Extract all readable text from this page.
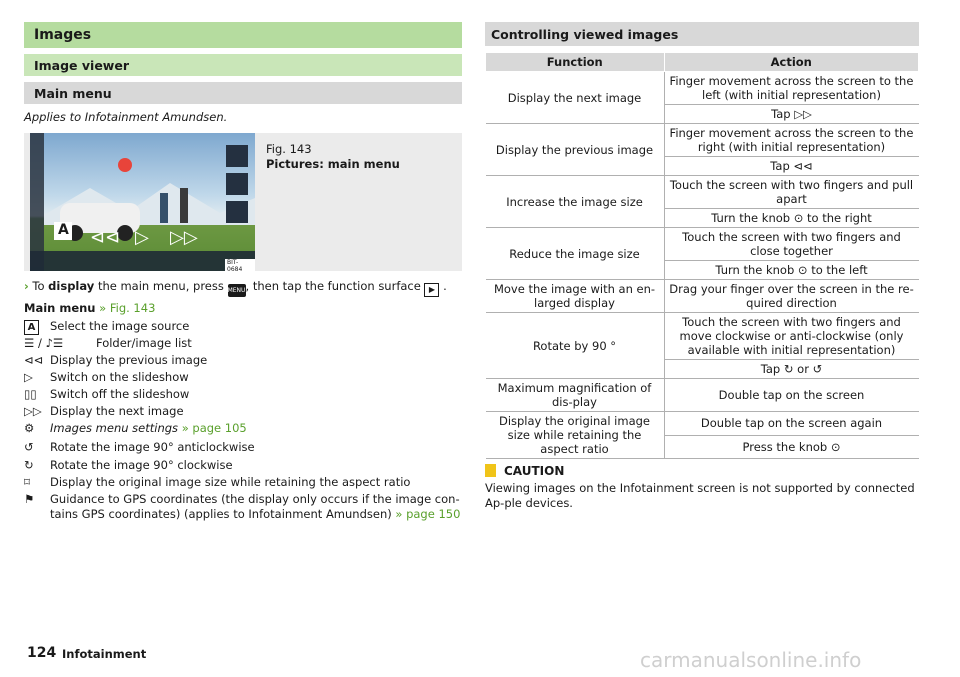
Images
Image viewer
Main menu
Applies to Infotainment Amundsen.
⊲⊲ ▷ ▷▷
A
BIT-0684
Fig. 143
Pictures: main menu
› To display the main menu, press MENU, then tap the function surface ▶ .
Main menu » Fig. 143
A	Select the image source
☰ / ♪☰	Folder/image list
⊲⊲ Display the previous image
▷	Switch on the slideshow
▯▯	Switch off the slideshow
▷▷ Display the next image
⚙	Images menu settings » page 105
↺	Rotate the image 90° anticlockwise
↻	Rotate the image 90° clockwise
⌑	Display the original image size while retaining the aspect ratio
⚑	Guidance to GPS coordinates (the display only occurs if the image con-tains GPS coordinates) (applies to Infotainment Amundsen) » page 150
Controlling viewed images
Function	Action
Display the next image	Finger movement across the screen to the left (with initial representation)
	Tap ▷▷
Display the previous image	Finger movement across the screen to the right (with initial representation)
	Tap ⊲⊲
Increase the image size	Touch the screen with two fingers and pull apart
	Turn the knob ⊙ to the right
Reduce the image size	Touch the screen with two fingers and close together
	Turn the knob ⊙ to the left
Move the image with an en-larged display	Drag your finger over the screen in the re-quired direction
Rotate by 90 °	Touch the screen with two fingers and move clockwise or anti-clockwise (only available with initial representation)
	Tap ↻ or ↺
Maximum magnification of dis-play	Double tap on the screen
Display the original image size while retaining the aspect ratio	Double tap on the screen again
	Press the knob ⊙
CAUTION
Viewing images on the Infotainment screen is not supported by connected Ap-ple devices.
124 Infotainment	carmanualsonline.info
